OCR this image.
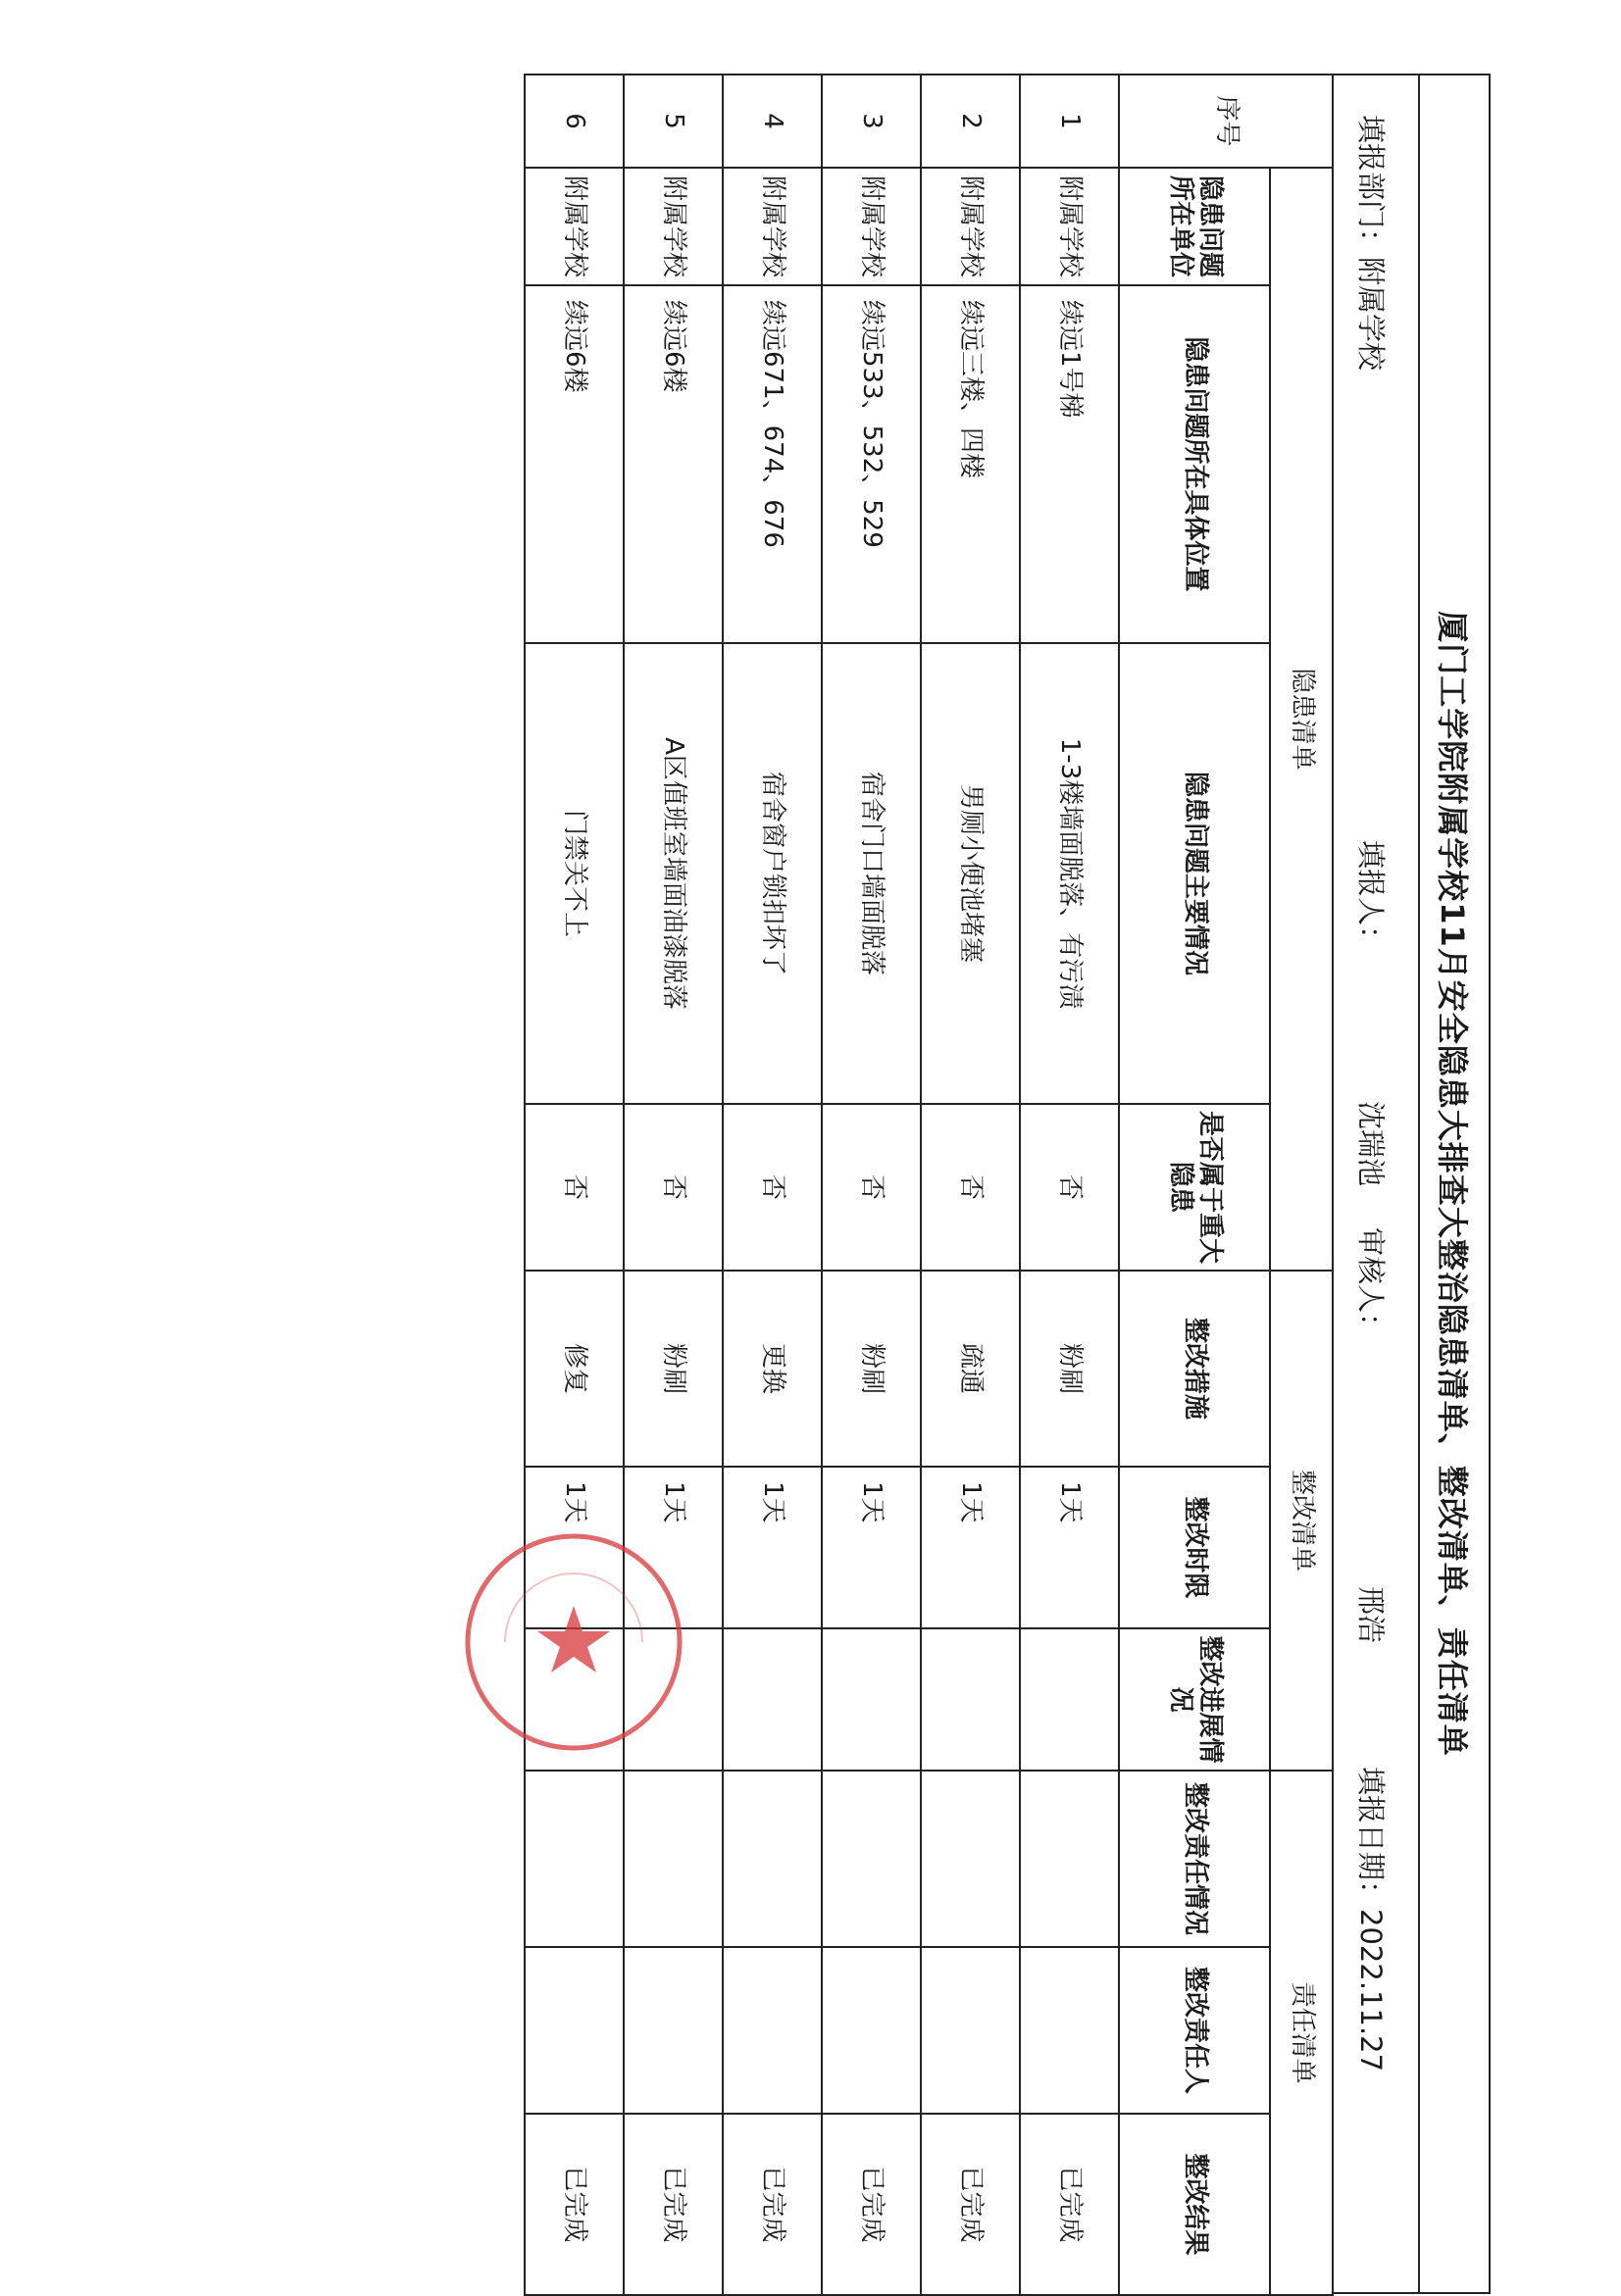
厦门工学院附属学校11月安全隐患大排查大整治隐患清单、整改清单、责任清单
填报部门：附属学校
填报人：沈瑞池
审核人：邢浩
填报日期：2022.11.27
序号	隐患清单				整改清单			责任清单		
	隐患问题所在单位	隐患问题所在具体位置	隐患问题主要情况	是否属于重大隐患	整改措施	整改时限	整改进展情况	整改责任情况	整改责任人	整改结果
1	附属学校	续远1号梯	1-3楼墙面脱落、有污渍	否	粉刷	1天				已完成
2	附属学校	续远三楼、四楼	男厕小便池堵塞	否	疏通	1天				已完成
3	附属学校	续远533、532、529	宿舍门口墙面脱落	否	粉刷	1天				已完成
4	附属学校	续远671、674、676	宿舍窗户锁扣坏了	否	更换	1天				已完成
5	附属学校	续远6楼	A区值班室墙面油漆脱落	否	粉刷	1天				已完成
6	附属学校	续远6楼	门禁关不上	否	修复	1天				已完成
